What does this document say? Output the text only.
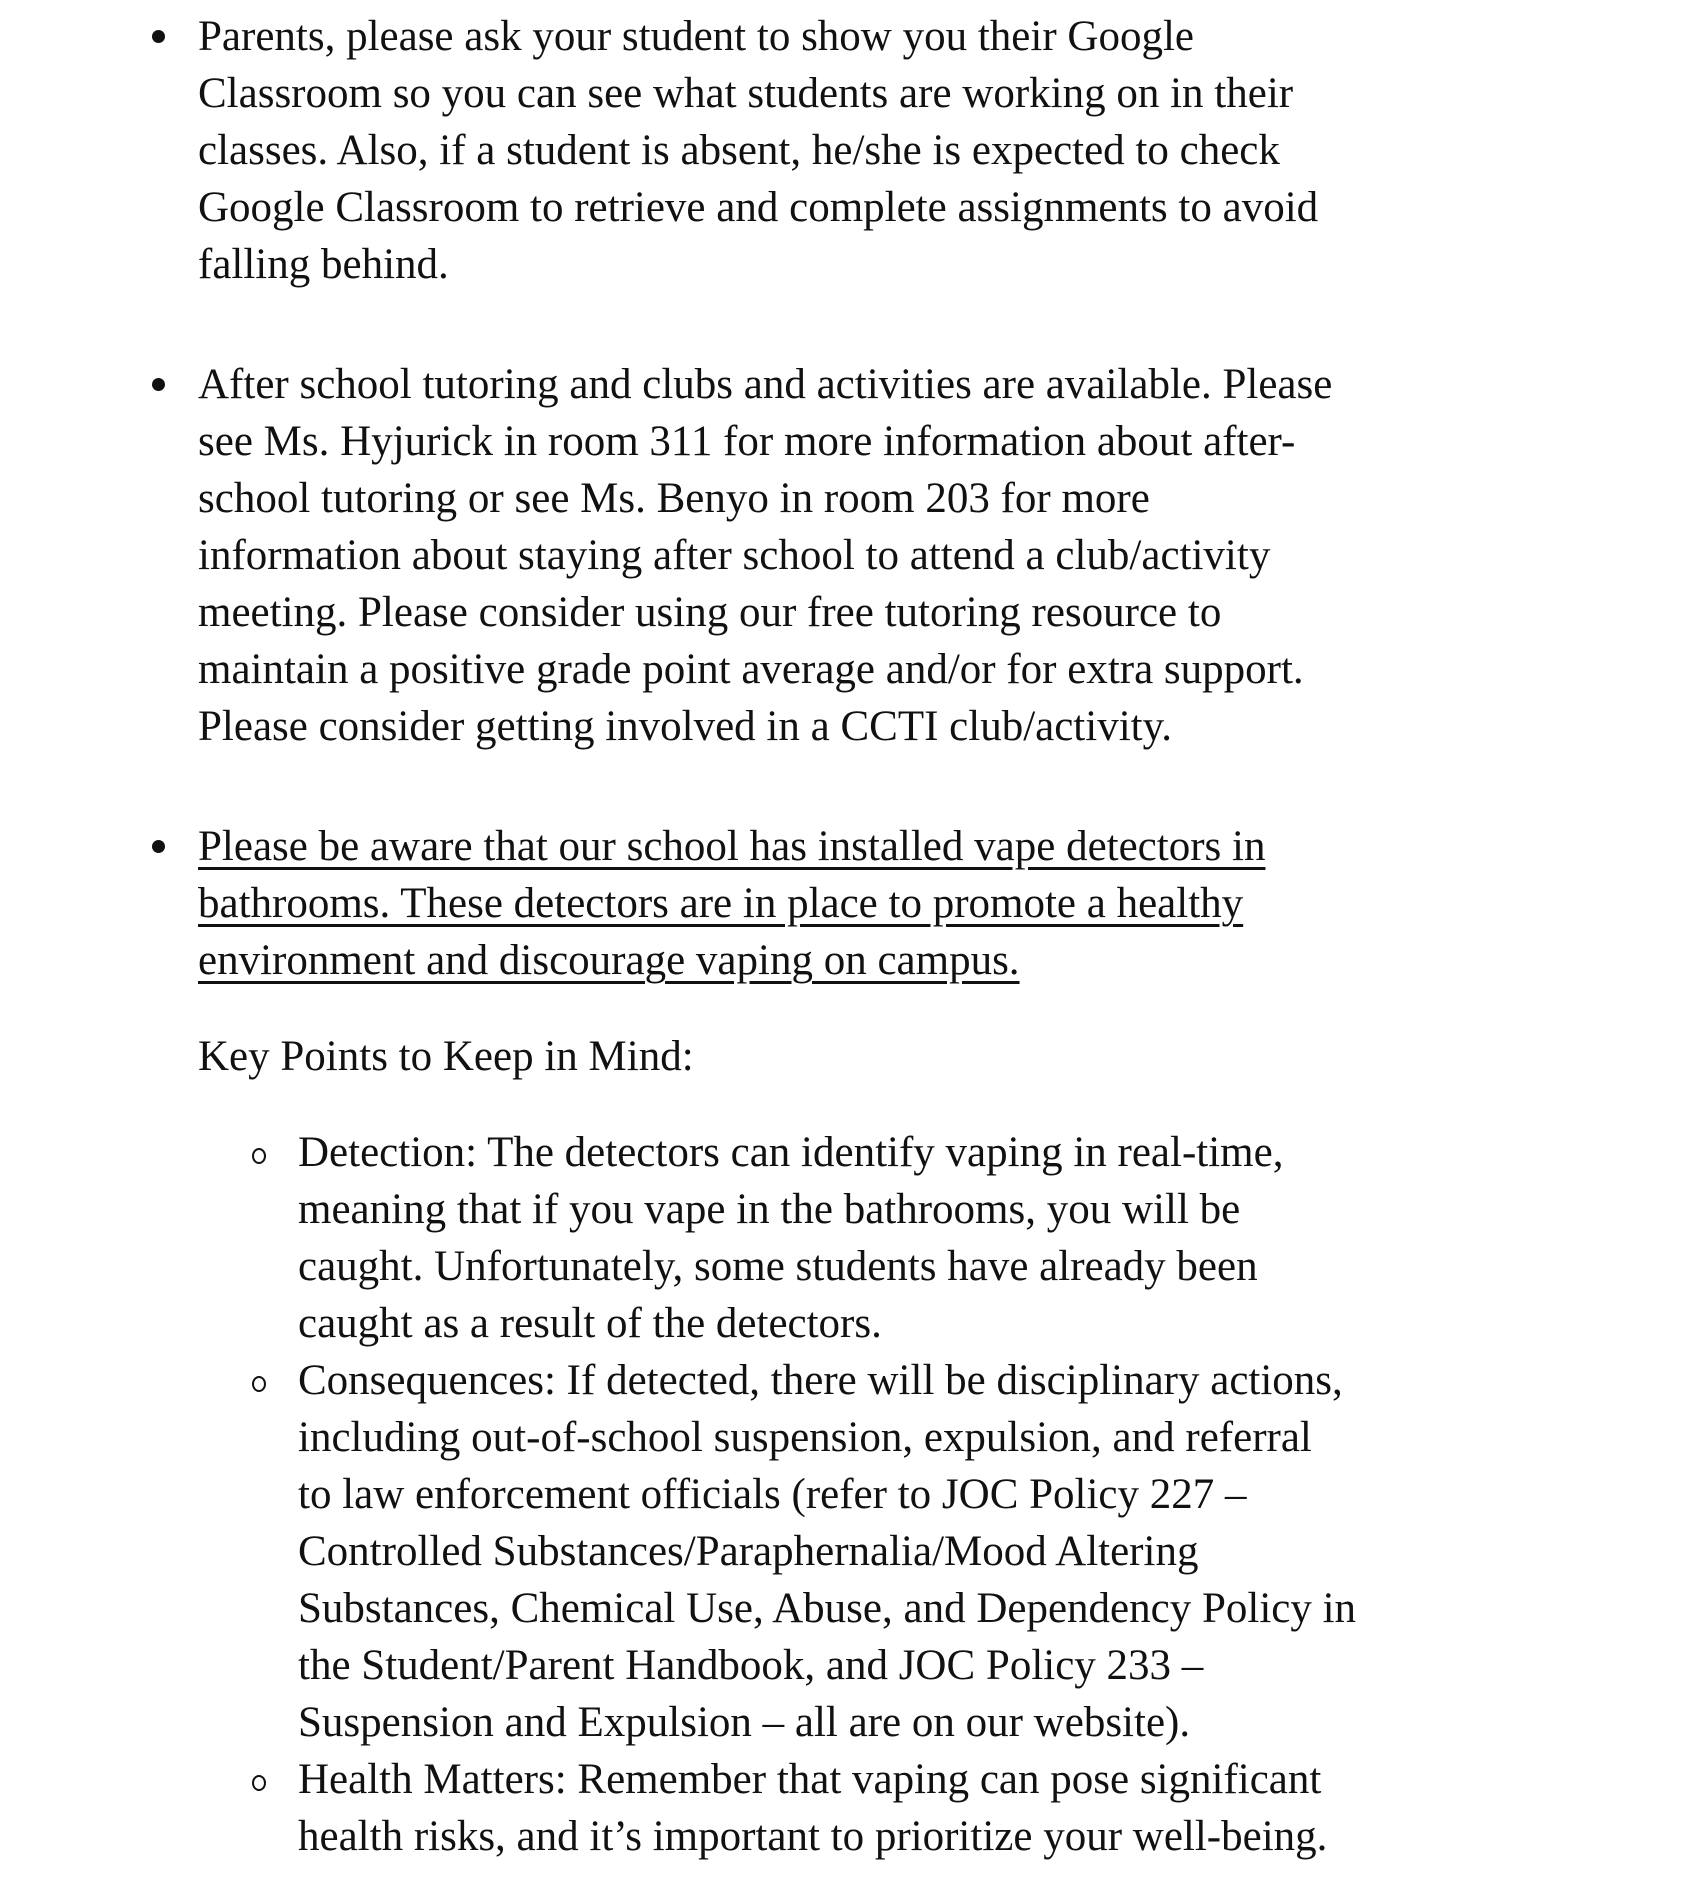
Parents, please ask your student to show you their Google
Classroom so you can see what students are working on in their
classes. Also, if a student is absent, he/she is expected to check
Google Classroom to retrieve and complete assignments to avoid
falling behind.
After school tutoring and clubs and activities are available. Please
see Ms. Hyjurick in room 311 for more information about after-
school tutoring or see Ms. Benyo in room 203 for more
information about staying after school to attend a club/activity
meeting. Please consider using our free tutoring resource to
maintain a positive grade point average and/or for extra support.
Please consider getting involved in a CCTI club/activity.
Please be aware that our school has installed vape detectors in
bathrooms. These detectors are in place to promote a healthy
environment and discourage vaping on campus.
Key Points to Keep in Mind:
Detection: The detectors can identify vaping in real-time,
meaning that if you vape in the bathrooms, you will be
caught. Unfortunately, some students have already been
caught as a result of the detectors.
Consequences: If detected, there will be disciplinary actions,
including out-of-school suspension, expulsion, and referral
to law enforcement officials (refer to JOC Policy 227 –
Controlled Substances/Paraphernalia/Mood Altering
Substances, Chemical Use, Abuse, and Dependency Policy in
the Student/Parent Handbook, and JOC Policy 233 –
Suspension and Expulsion – all are on our website).
Health Matters: Remember that vaping can pose significant
health risks, and it’s important to prioritize your well-being.
